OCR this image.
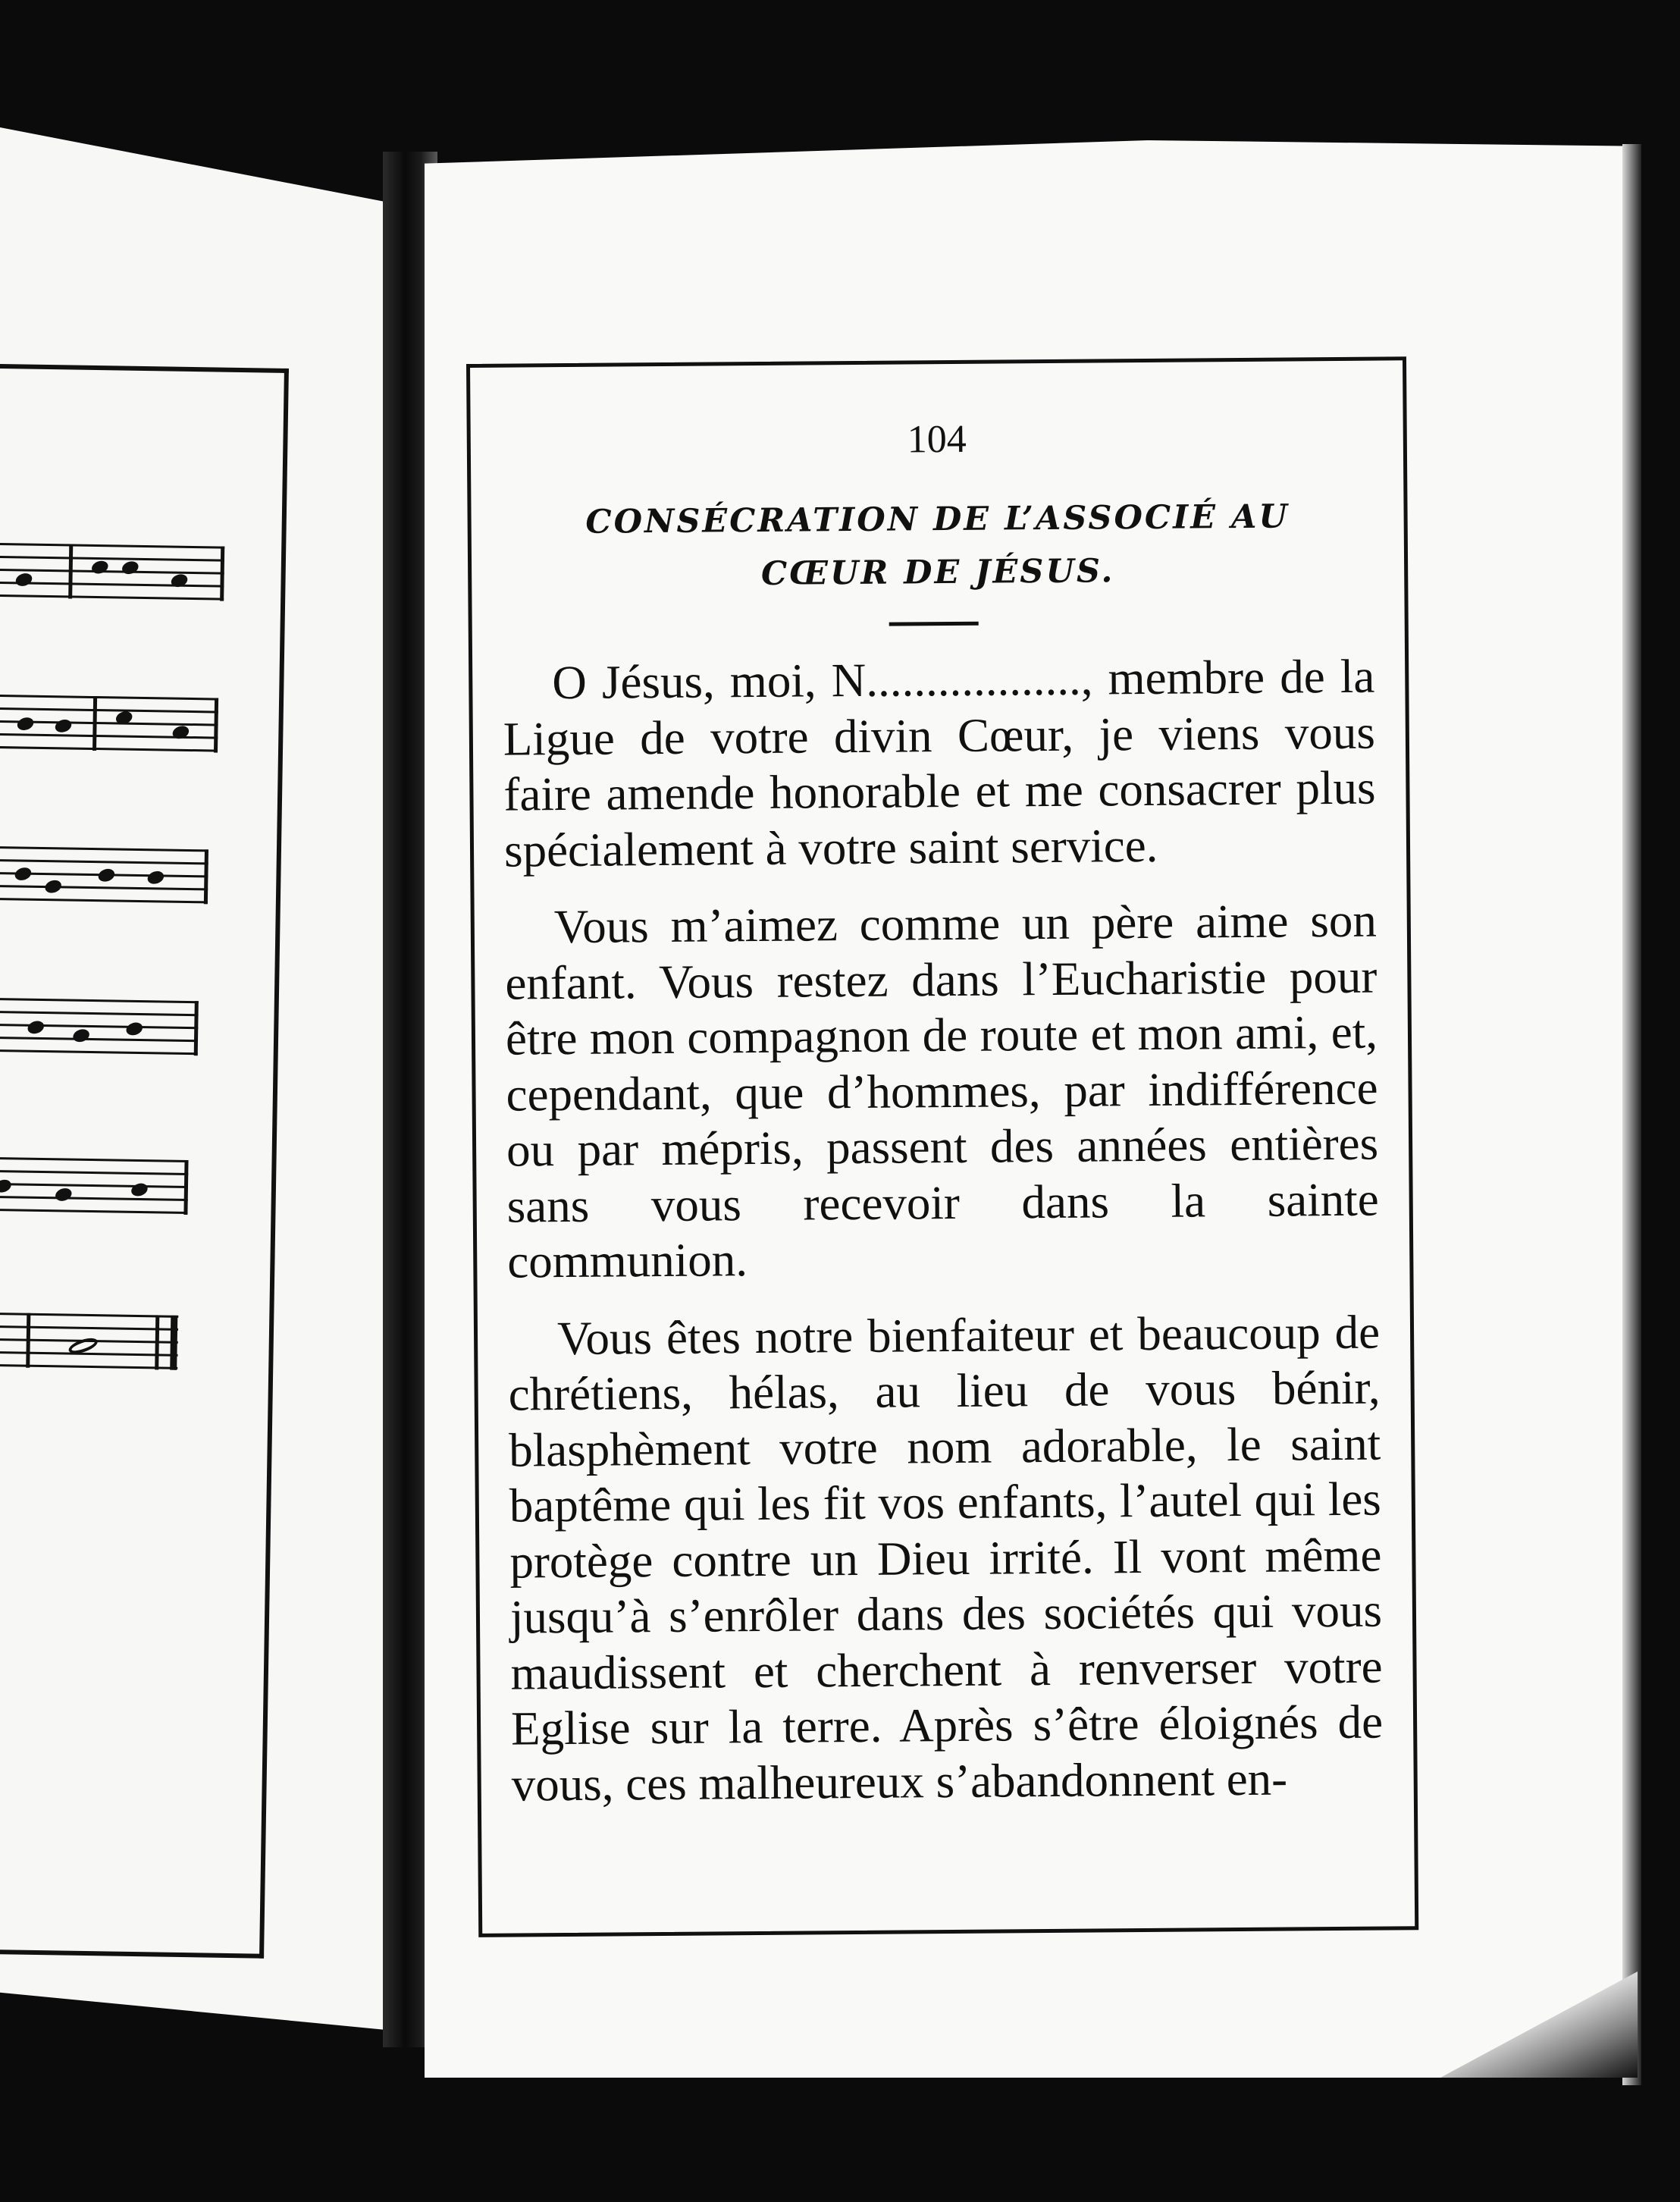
104
CONSÉCRATION DE L’ASSOCIÉ AU
CŒUR DE JÉSUS.

O Jésus, moi, N.................., membre de la Ligue de votre divin Cœur, je viens vous faire amende honorable et me consacrer plus spécialement à votre saint service.

Vous m’aimez comme un père aime son enfant. Vous restez dans l’Eucharistie pour être mon compagnon de route et mon ami, et, cependant, que d’hommes, par indifférence ou par mépris, passent des années entières sans vous recevoir dans la sainte communion.

Vous êtes notre bienfaiteur et beaucoup de chrétiens, hélas, au lieu de vous bénir, blasphèment votre nom adorable, le saint baptême qui les fit vos enfants, l’autel qui les protège contre un Dieu irrité. Il vont même jusqu’à s’enrôler dans des sociétés qui vous maudissent et cherchent à renverser votre Eglise sur la terre. Après s’être éloignés de vous, ces malheureux s’abandonnent en-
